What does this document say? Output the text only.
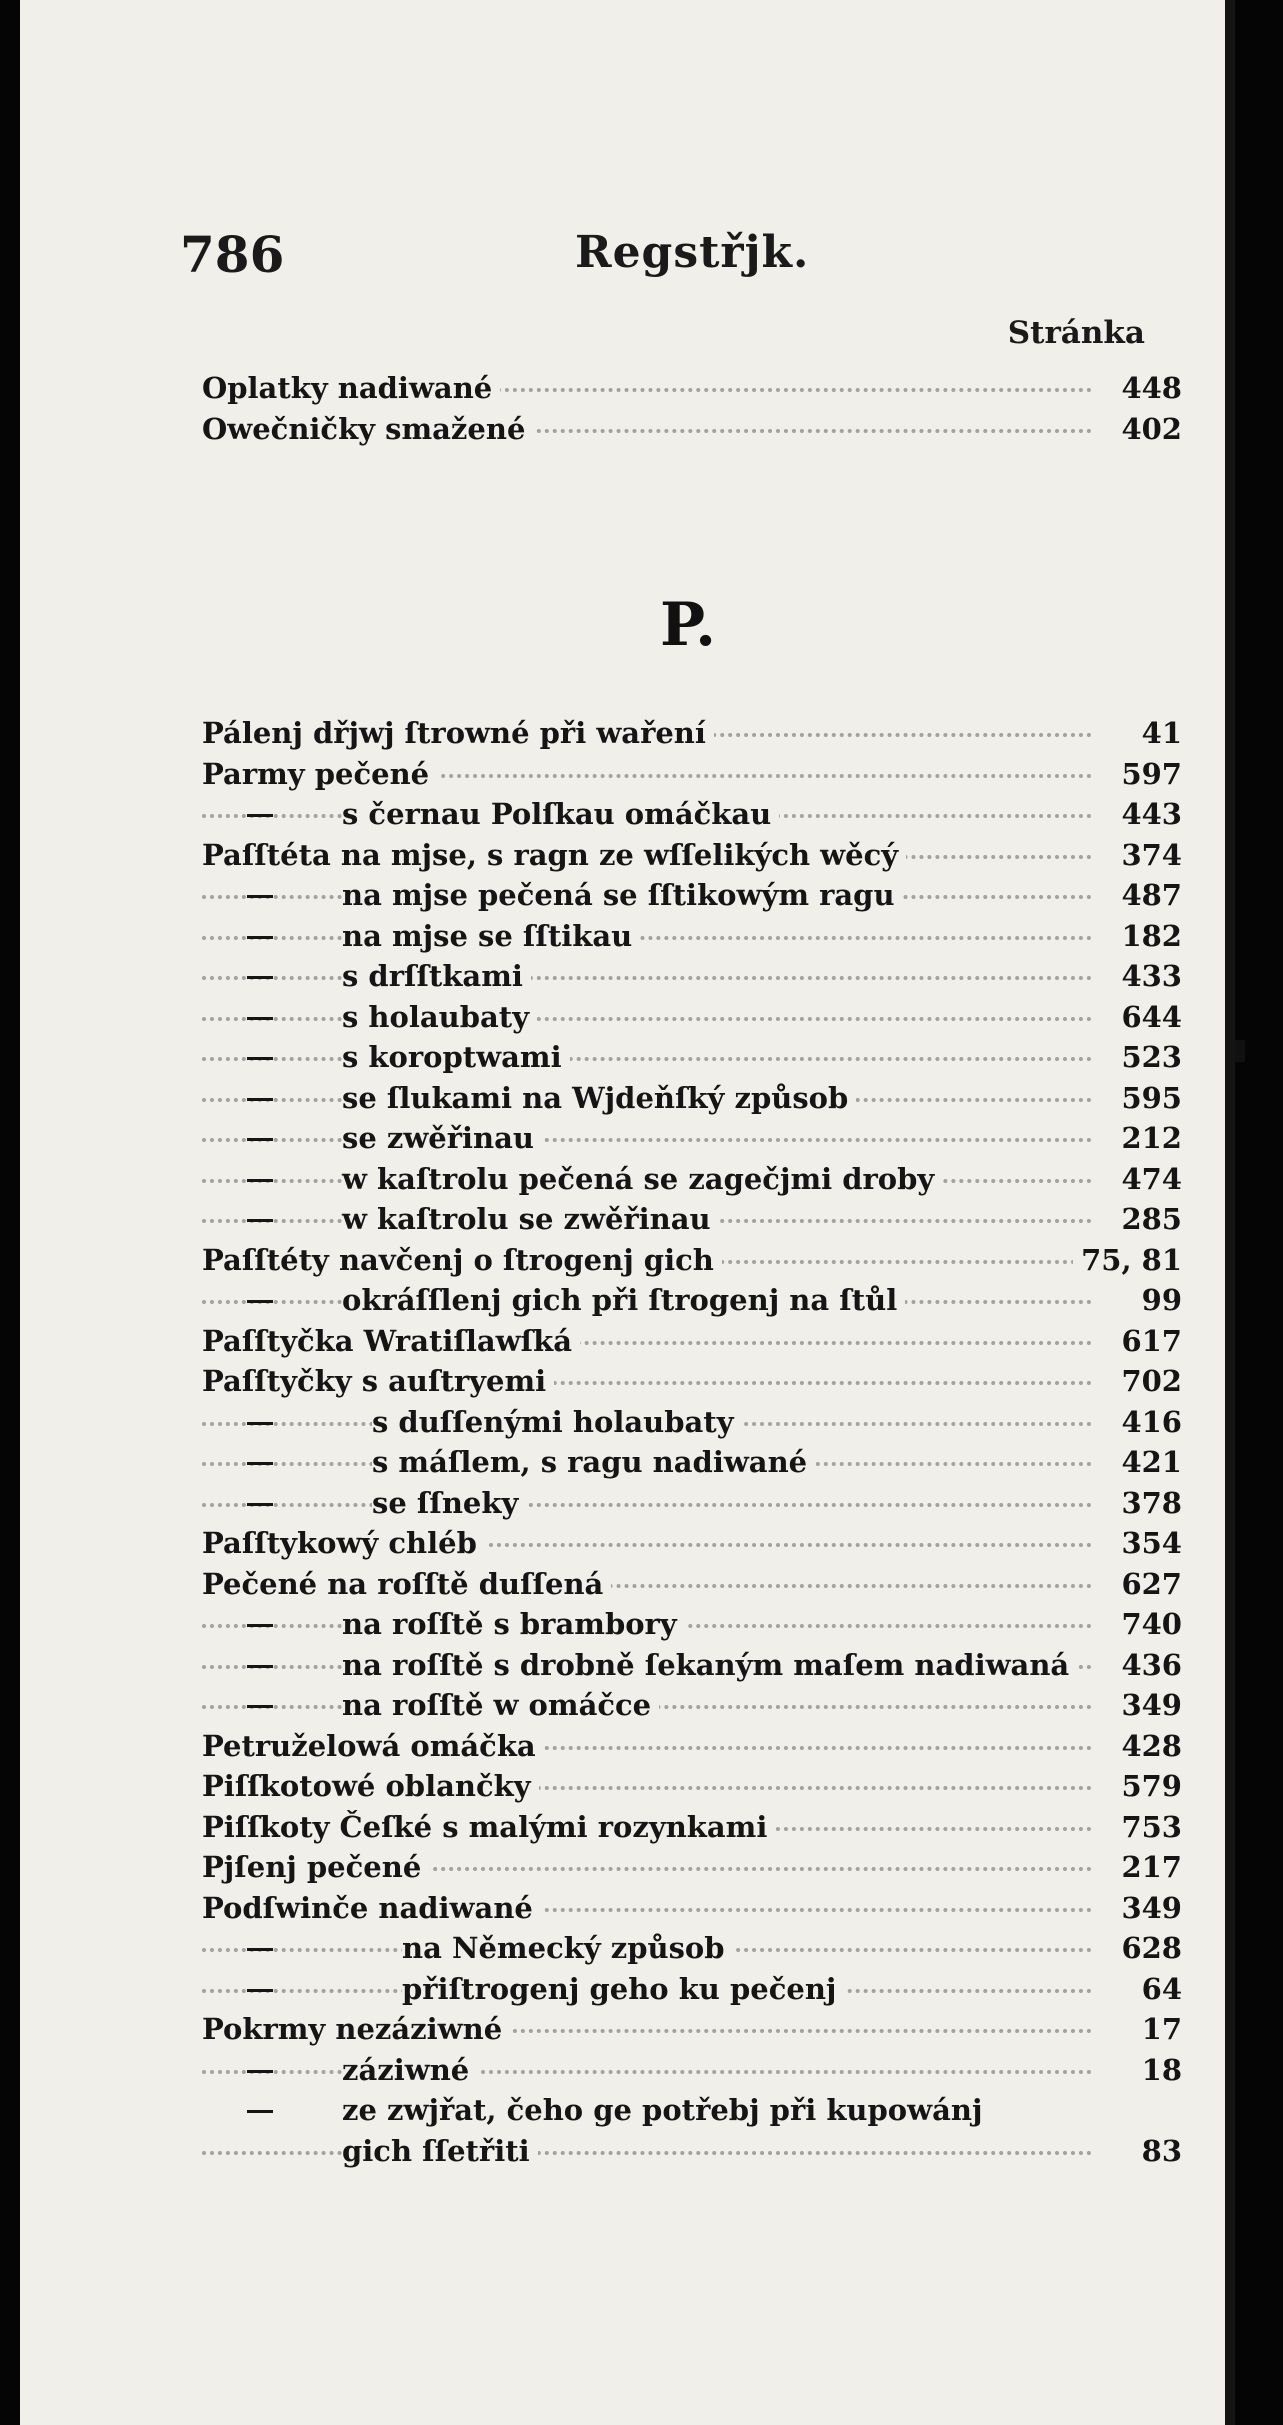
786	Regstřjk.
Stránka
Oplatky nadiwané	448
Owečničky smažené	402
P.
Pálenj dřjwj ſtrowné při waření	41
Parmy pečené	597
s černau Polſkau omáčkau	443
Paſſtéta na mjse, s ragn ze wſſelikých wěcý	374
na mjse pečená se ſſtikowým ragu	487
na mjse se ſſtikau	182
s drſſtkami	433
s holaubaty	644
s koroptwami	523
se ſlukami na Wjdeňſký způsob	595
se zwěřinau	212
w kaſtrolu pečená se zagečjmi droby	474
w kaſtrolu se zwěřinau	285
Paſſtéty navčenj o ſtrogenj gich	75, 81
okráſſlenj gich při ſtrogenj na ſtůl	99
Paſſtyčka Wratiſlawſká	617
Paſſtyčky s auſtryemi	702
s duſſenými holaubaty	416
s máſlem, s ragu nadiwané	421
se ſſneky	378
Paſſtykowý chléb	354
Pečené na roſſtě duſſená	627
na roſſtě s brambory	740
na roſſtě s drobně ſekaným maſem nadiwaná 436
na roſſtě w omáčce	349
Petruželowá omáčka	428
Piſſkotowé oblančky	579
Piſſkoty Čeſké s malými rozynkami	753
Pjſenj pečené	217
Podſwinče nadiwané	349
na Německý způsob	628
přiſtrogenj geho ku pečenj	64
Pokrmy nezáziwné	17
záziwné	18
ze zwjřat, čeho ge potřebj při kupowánj
gich ſſetřiti	83
